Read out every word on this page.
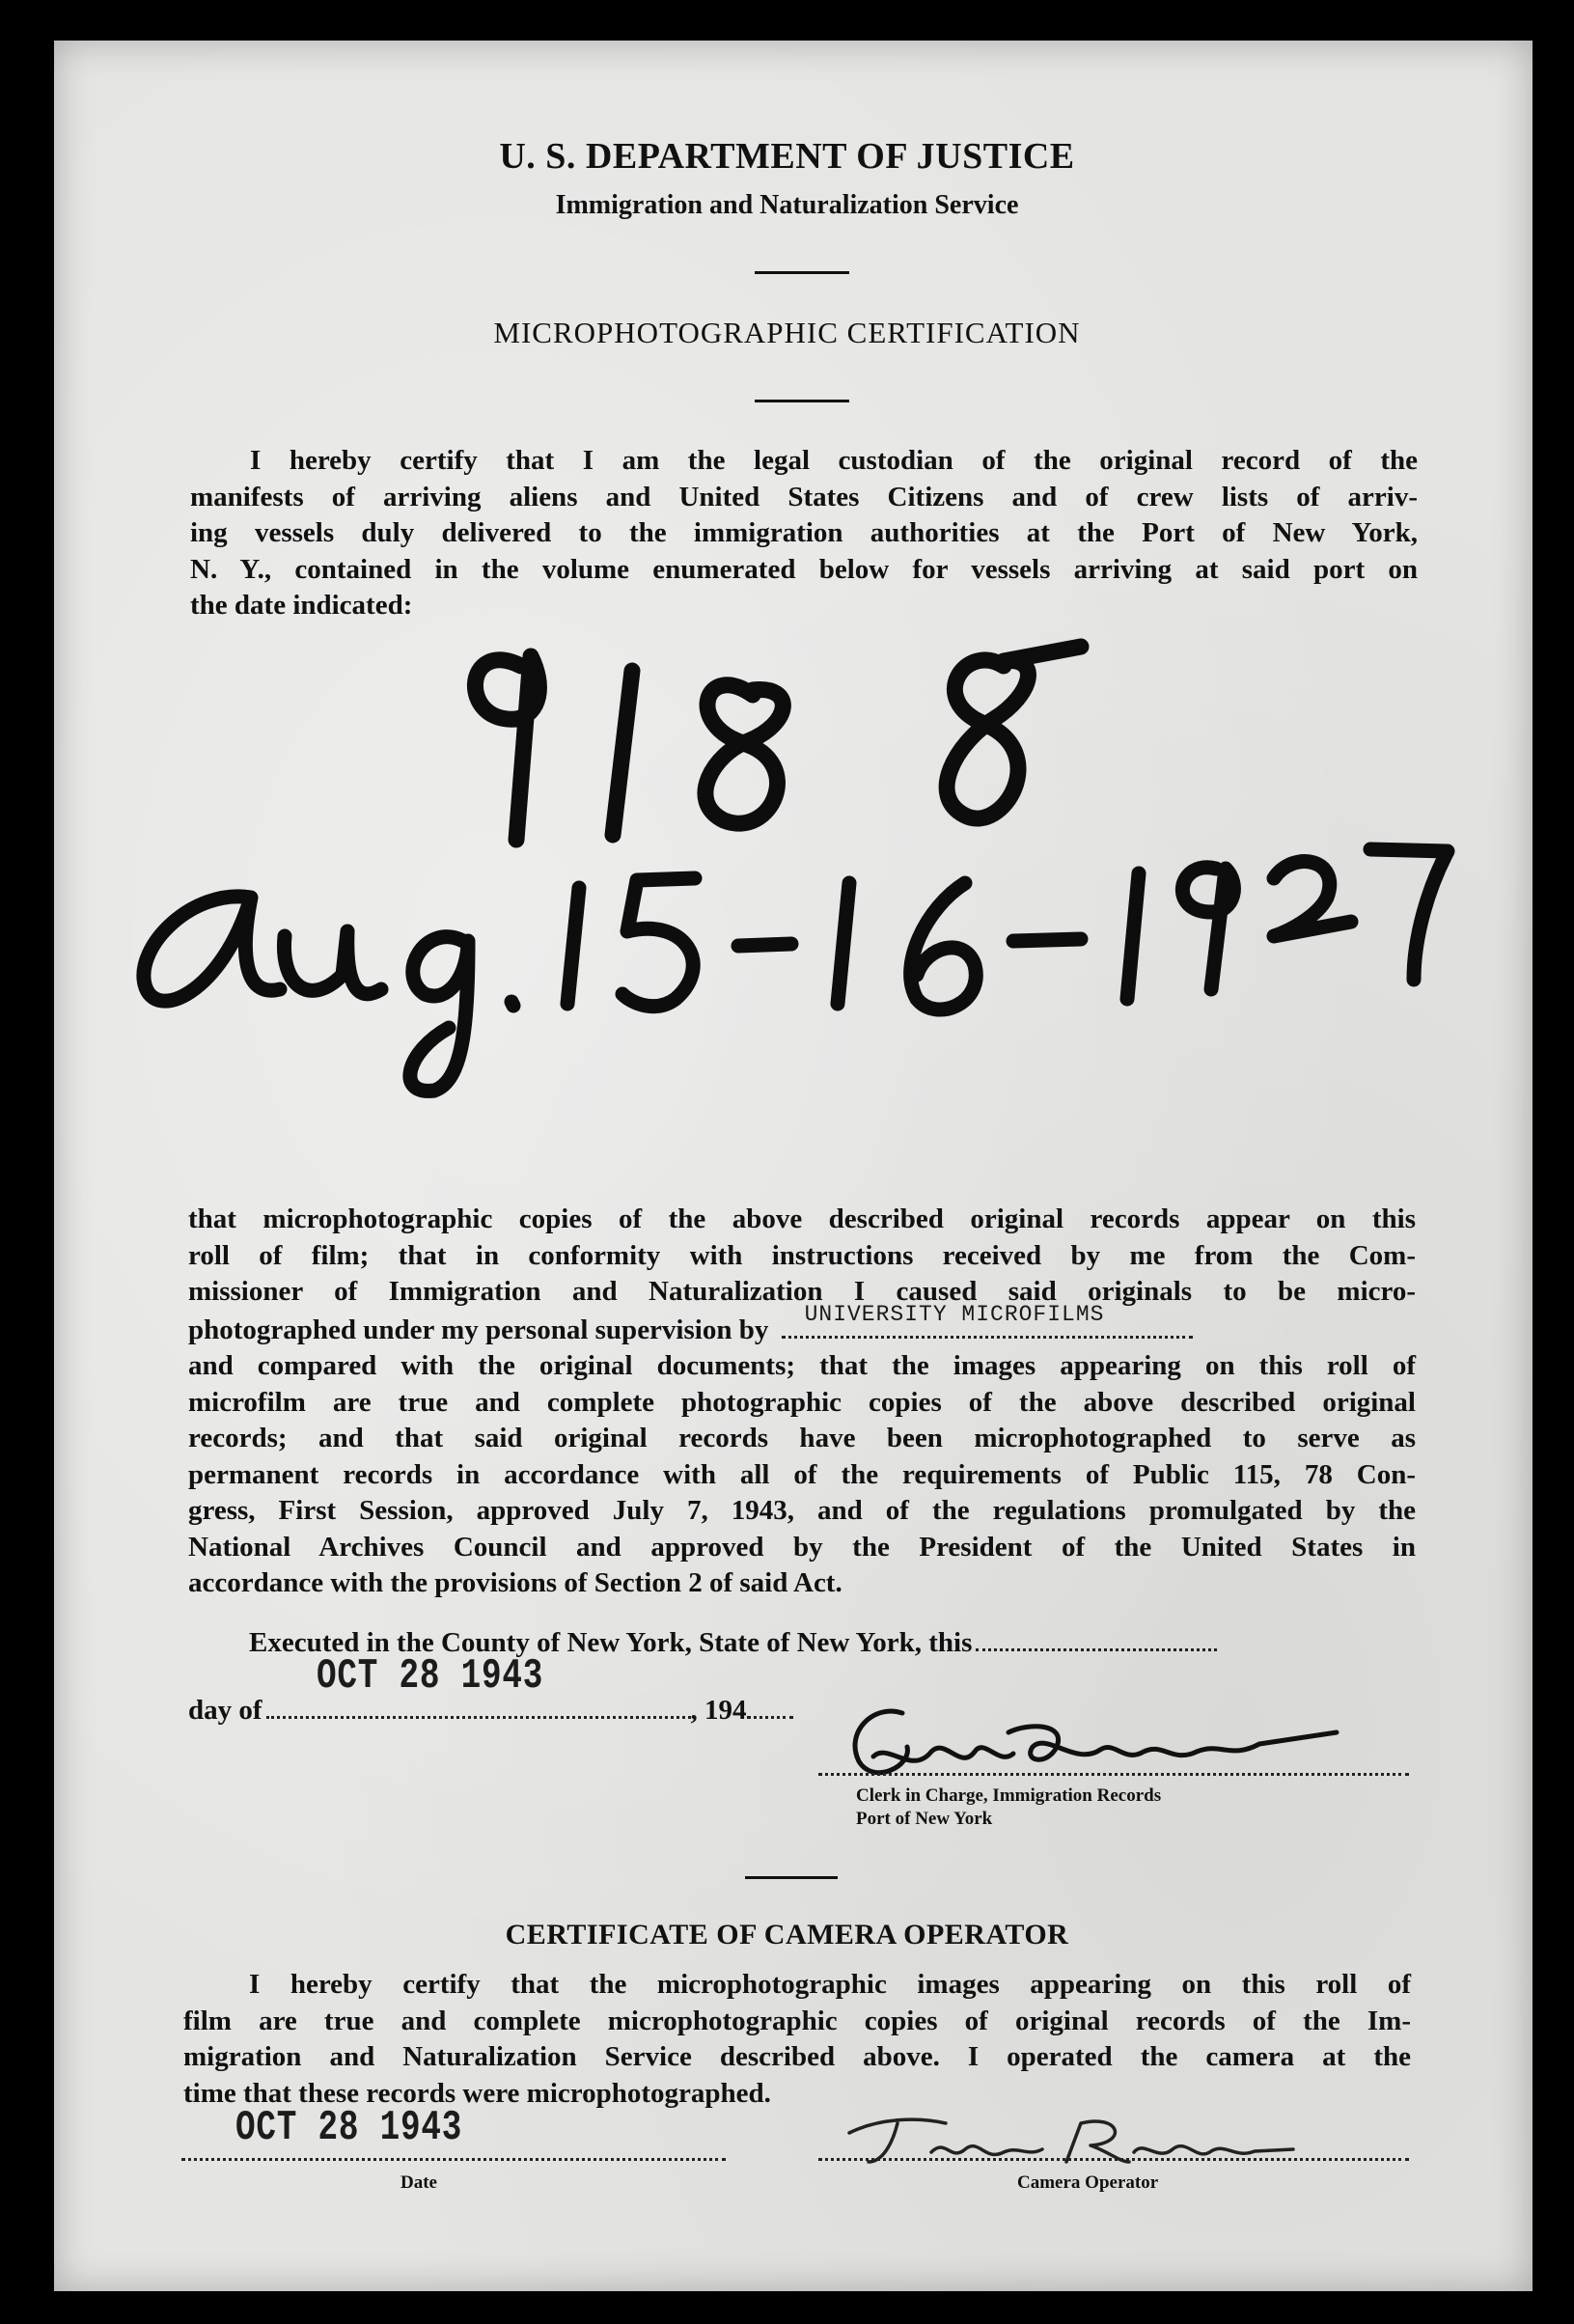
U. S. DEPARTMENT OF JUSTICE
Immigration and Naturalization Service
MICROPHOTOGRAPHIC CERTIFICATION
I hereby certify that I am the legal custodian of the original record of the
manifests of arriving aliens and United States Citizens and of crew lists of arriv-
ing vessels duly delivered to the immigration authorities at the Port of New York,
N. Y., contained in the volume enumerated below for vessels arriving at said port on
the date indicated:
that microphotographic copies of the above described original records appear on this
roll of film; that in conformity with instructions received by me from the Com-
missioner of Immigration and Naturalization I caused said originals to be micro-
photographed under my personal supervision by UNIVERSITY MICROFILMS
and compared with the original documents; that the images appearing on this roll of
microfilm are true and complete photographic copies of the above described original
records; and that said original records have been microphotographed to serve as
permanent records in accordance with all of the requirements of Public 115, 78 Con-
gress, First Session, approved July 7, 1943, and of the regulations promulgated by the
National Archives Council and approved by the President of the United States in
accordance with the provisions of Section 2 of said Act.
Executed in the County of New York, State of New York, this
OCT 28 1943
day of	, 194
Clerk in Charge, Immigration Records
Port of New York
CERTIFICATE OF CAMERA OPERATOR
I hereby certify that the microphotographic images appearing on this roll of
film are true and complete microphotographic copies of original records of the Im-
migration and Naturalization Service described above. I operated the camera at the
time that these records were microphotographed.
OCT 28 1943
Date	Camera Operator
